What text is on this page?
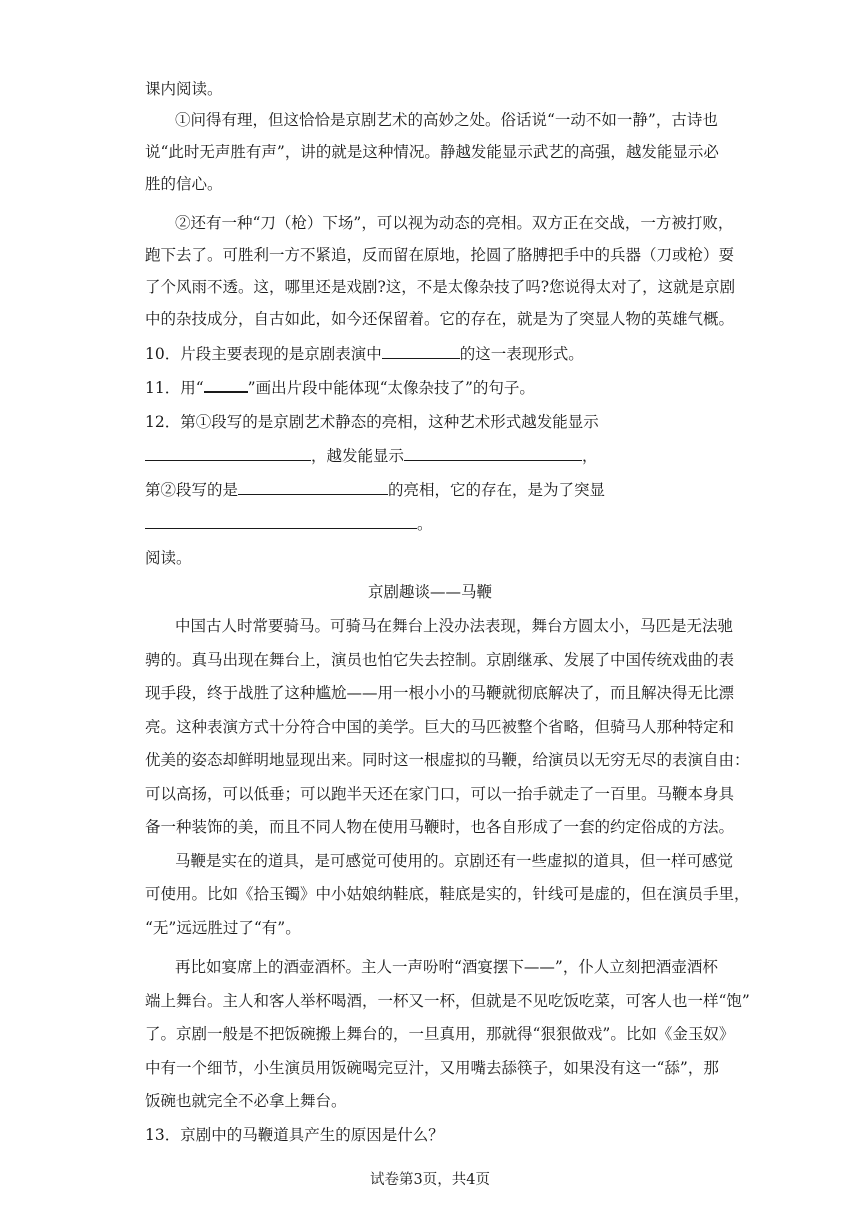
课内阅读。
①问得有理，但这恰恰是京剧艺术的高妙之处。俗话说“一动不如一静”，古诗也
说“此时无声胜有声”，讲的就是这种情况。静越发能显示武艺的高强，越发能显示必
胜的信心。
②还有一种“刀（枪）下场”，可以视为动态的亮相。双方正在交战，一方被打败，
跑下去了。可胜利一方不紧追，反而留在原地，抡圆了胳膊把手中的兵器（刀或枪）耍
了个风雨不透。这，哪里还是戏剧?这，不是太像杂技了吗?您说得太对了，这就是京剧
中的杂技成分，自古如此，如今还保留着。它的存在，就是为了突显人物的英雄气概。
10．片段主要表现的是京剧表演中	的这一表现形式。
11．用“	”画出片段中能体现“太像杂技了”的句子。
12．第①段写的是京剧艺术静态的亮相，这种艺术形式越发能显示
，越发能显示	，
第②段写的是	的亮相，它的存在，是为了突显
。
阅读。
京剧趣谈——马鞭
中国古人时常要骑马。可骑马在舞台上没办法表现，舞台方圆太小，马匹是无法驰
骋的。真马出现在舞台上，演员也怕它失去控制。京剧继承、发展了中国传统戏曲的表
现手段，终于战胜了这种尴尬——用一根小小的马鞭就彻底解决了，而且解决得无比漂
亮。这种表演方式十分符合中国的美学。巨大的马匹被整个省略，但骑马人那种特定和
优美的姿态却鲜明地显现出来。同时这一根虚拟的马鞭，给演员以无穷无尽的表演自由：
可以高扬，可以低垂；可以跑半天还在家门口，可以一抬手就走了一百里。马鞭本身具
备一种装饰的美，而且不同人物在使用马鞭时，也各自形成了一套的约定俗成的方法。
马鞭是实在的道具，是可感觉可使用的。京剧还有一些虚拟的道具，但一样可感觉
可使用。比如《拾玉镯》中小姑娘纳鞋底，鞋底是实的，针线可是虚的，但在演员手里，
“无”远远胜过了“有”。
再比如宴席上的酒壶酒杯。主人一声吩咐“酒宴摆下——”，仆人立刻把酒壶酒杯
端上舞台。主人和客人举杯喝酒，一杯又一杯，但就是不见吃饭吃菜，可客人也一样“饱”
了。京剧一般是不把饭碗搬上舞台的，一旦真用，那就得“狠狠做戏”。比如《金玉奴》
中有一个细节，小生演员用饭碗喝完豆汁，又用嘴去舔筷子，如果没有这一“舔”，那
饭碗也就完全不必拿上舞台。
13．京剧中的马鞭道具产生的原因是什么？
试卷第3页，共4页
